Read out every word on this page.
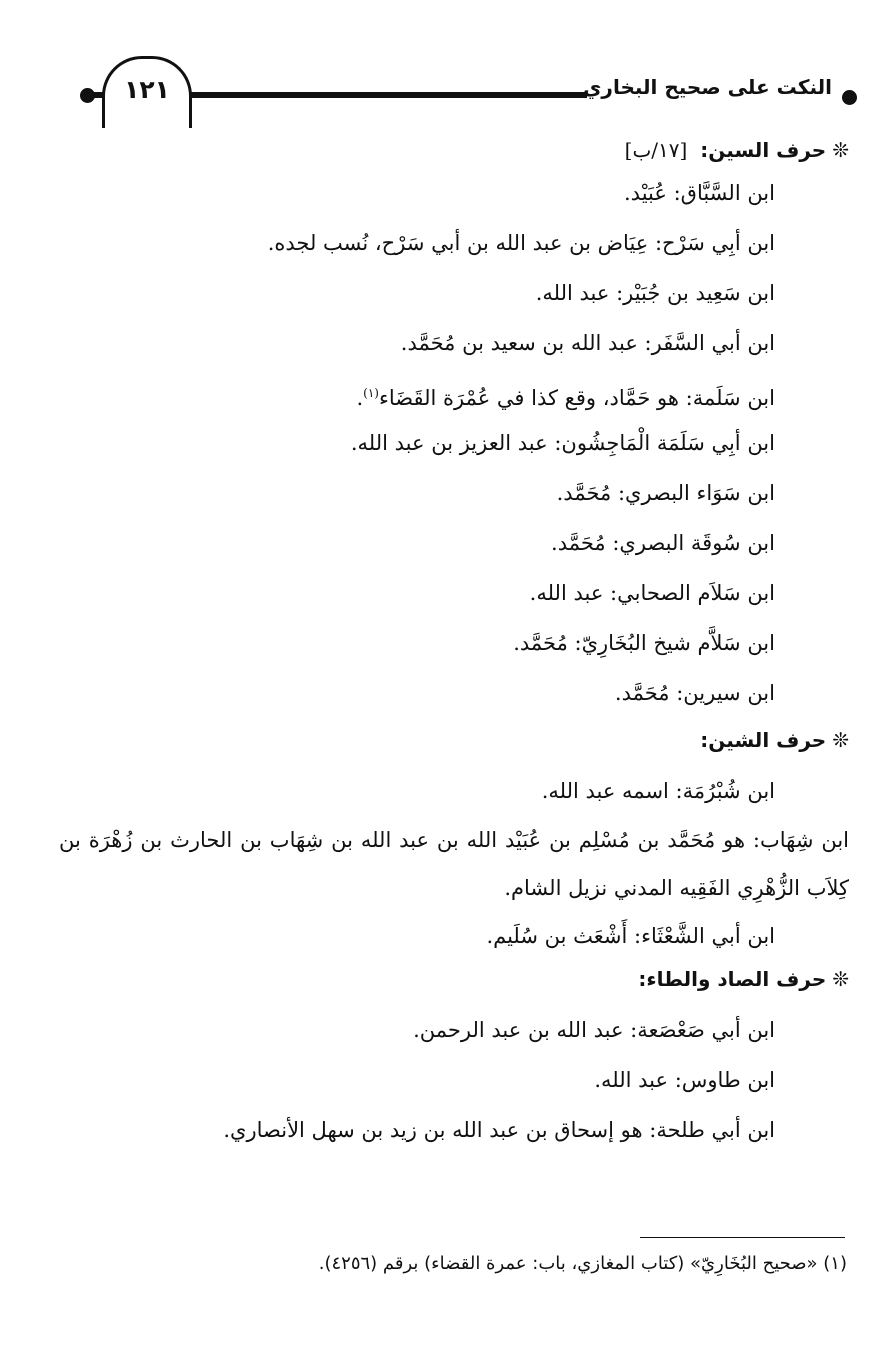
١٢١	النكت على صحيح البخاري

❊حرف السين: [١٧/ب]

ابن السَّبَّاق: عُبَيْد.

ابن أبِي سَرْح: عِيَاض بن عبد الله بن أبي سَرْح، نُسب لجده.

ابن سَعِيد بن جُبَيْر: عبد الله.

ابن أبي السَّفَر: عبد الله بن سعيد بن مُحَمَّد.

ابن سَلَمة: هو حَمَّاد، وقع كذا في عُمْرَة القَضَاء$^{(١)}$.

ابن أبِي سَلَمَة الْمَاجِشُون: عبد العزيز بن عبد الله.

ابن سَوَاء البصري: مُحَمَّد.

ابن سُوقَة البصري: مُحَمَّد.

ابن سَلاَم الصحابي: عبد الله.

ابن سَلاَّم شيخ البُخَارِيّ: مُحَمَّد.

ابن سيرين: مُحَمَّد.

❊حرف الشين:

ابن شُبْرُمَة: اسمه عبد الله.

ابن شِهَاب: هو مُحَمَّد بن مُسْلِم بن عُبَيْد الله بن عبد الله بن شِهَاب بن الحارث بن زُهْرَة بن كِلاَب الزُّهْرِي الفَقِيه المدني نزيل الشام.

ابن أبي الشَّعْثَاء: أَشْعَث بن سُلَيم.

❊حرف الصاد والطاء:

ابن أبي صَعْصَعة: عبد الله بن عبد الرحمن.

ابن طاوس: عبد الله.

ابن أبي طلحة: هو إسحاق بن عبد الله بن زيد بن سهل الأنصاري.

(١) «صحيح البُخَارِيّ» (كتاب المغازي، باب: عمرة القضاء) برقم (٤٢٥٦).
